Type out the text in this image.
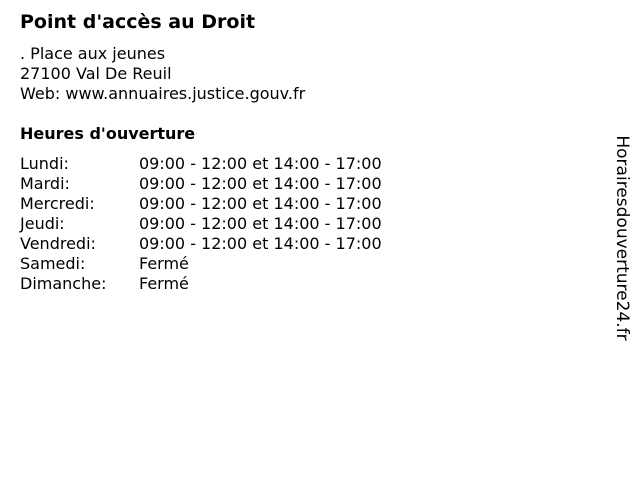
Point d'accès au Droit
. Place aux jeunes
27100 Val De Reuil
Web: www.annuaires.justice.gouv.fr
Heures d'ouverture
Lundi:	09:00 - 12:00 et 14:00 - 17:00
Mardi:	09:00 - 12:00 et 14:00 - 17:00
Mercredi:	09:00 - 12:00 et 14:00 - 17:00
Jeudi:	09:00 - 12:00 et 14:00 - 17:00
Vendredi:	09:00 - 12:00 et 14:00 - 17:00
Samedi:	Fermé
Dimanche: Fermé	Horairesdouverture24.fr
